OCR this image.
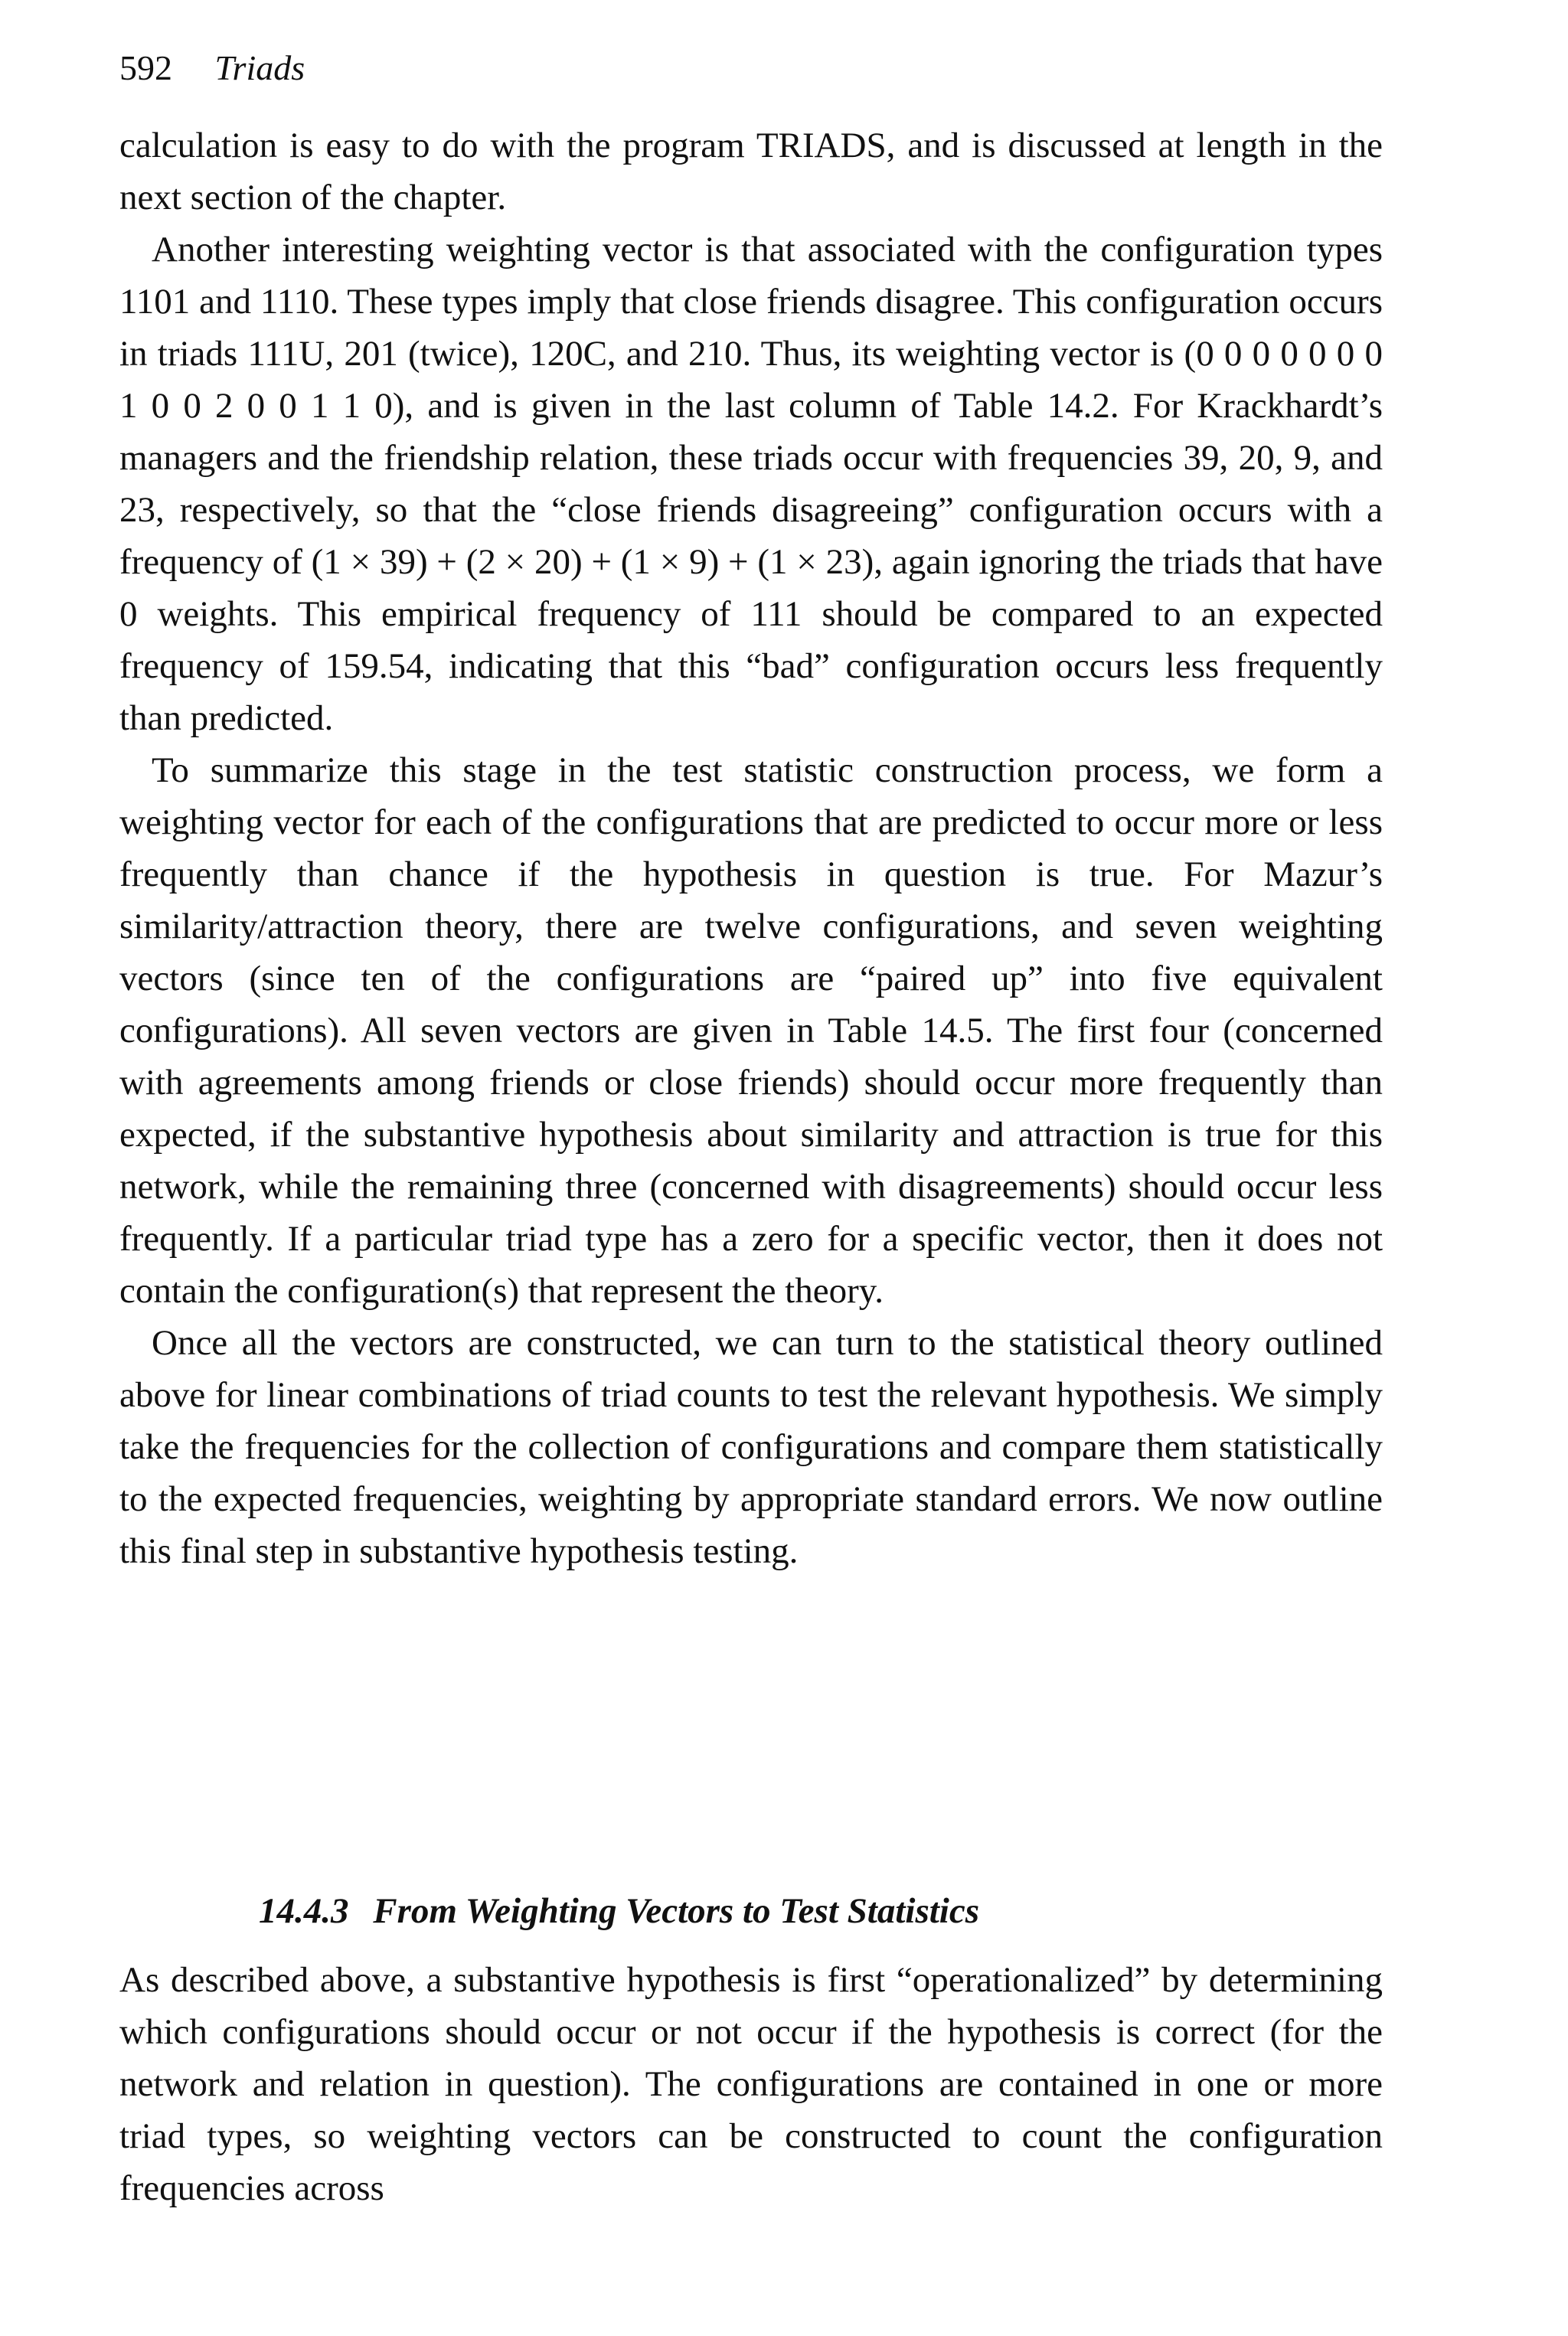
592 Triads

calculation is easy to do with the program TRIADS, and is discussed at length in the next section of the chapter.

Another interesting weighting vector is that associated with the configuration types 1101 and 1110. These types imply that close friends disagree. This configuration occurs in triads 111U, 201 (twice), 120C, and 210. Thus, its weighting vector is (0 0 0 0 0 0 0 1 0 0 2 0 0 1 1 0), and is given in the last column of Table 14.2. For Krackhardt’s managers and the friendship relation, these triads occur with frequencies 39, 20, 9, and 23, respectively, so that the “close friends disagreeing” configuration occurs with a frequency of (1 × 39) + (2 × 20) + (1 × 9) + (1 × 23), again ignoring the triads that have 0 weights. This empirical frequency of 111 should be compared to an expected frequency of 159.54, indicating that this “bad” configuration occurs less frequently than predicted.

To summarize this stage in the test statistic construction process, we form a weighting vector for each of the configurations that are predicted to occur more or less frequently than chance if the hypothesis in question is true. For Mazur’s similarity/attraction theory, there are twelve configurations, and seven weighting vectors (since ten of the configurations are “paired up” into five equivalent configurations). All seven vectors are given in Table 14.5. The first four (concerned with agreements among friends or close friends) should occur more frequently than expected, if the substantive hypothesis about similarity and attraction is true for this network, while the remaining three (concerned with disagreements) should occur less frequently. If a particular triad type has a zero for a specific vector, then it does not contain the configuration(s) that represent the theory.

Once all the vectors are constructed, we can turn to the statistical theory outlined above for linear combinations of triad counts to test the relevant hypothesis. We simply take the frequencies for the collection of configurations and compare them statistically to the expected frequencies, weighting by appropriate standard errors. We now outline this final step in substantive hypothesis testing.

14.4.3 From Weighting Vectors to Test Statistics

As described above, a substantive hypothesis is first “operationalized” by determining which configurations should occur or not occur if the hypothesis is correct (for the network and relation in question). The configurations are contained in one or more triad types, so weighting vectors can be constructed to count the configuration frequencies across
